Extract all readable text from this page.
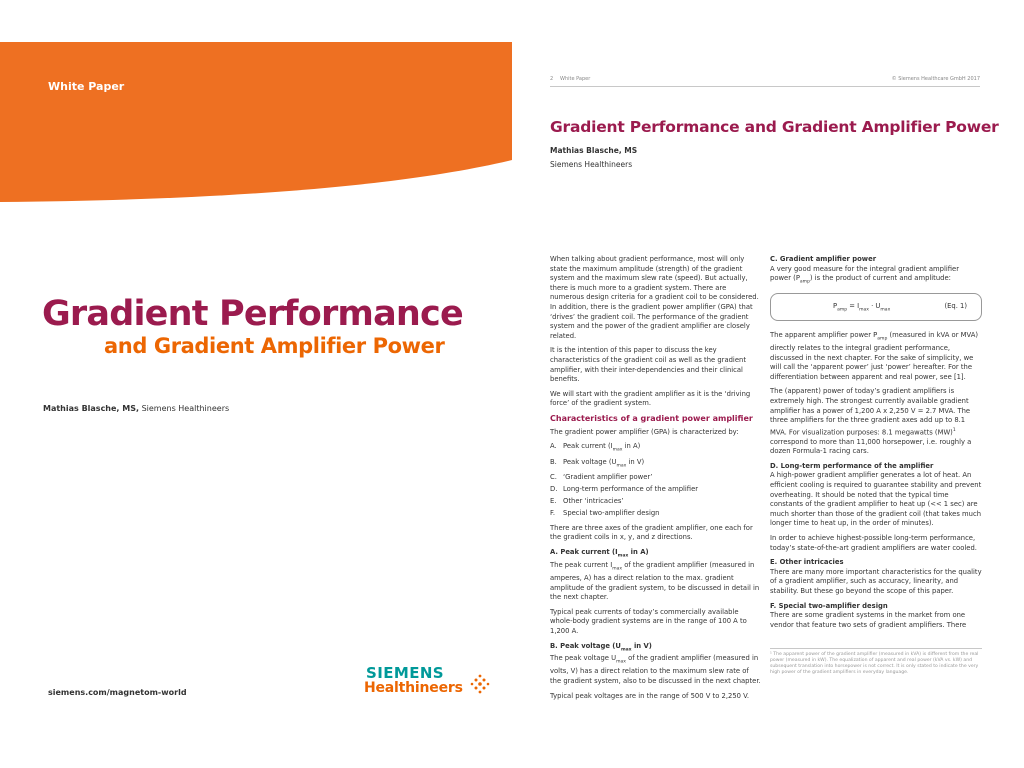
White Paper
Gradient Performance
and Gradient Amplifier Power
Mathias Blasche, MS, Siemens Healthineers
siemens.com/magnetom-world
SIEMENS
Healthineers
2 White Paper	© Siemens Healthcare GmbH 2017
Gradient Performance and Gradient Amplifier Power
Mathias Blasche, MS
Siemens Healthineers

When talking about gradient performance, most will only state the maximum amplitude (strength) of the gradient system and the maximum slew rate (speed). But actually, there is much more to a gradient system. There are numerous design criteria for a gradient coil to be considered. In addition, there is the gradient power amplifier (GPA) that ‘drives’ the gradient coil. The performance of the gradient system and the power of the gradient amplifier are closely related.

It is the intention of this paper to discuss the key characteristics of the gradient coil as well as the gradient amplifier, with their inter-dependencies and their clinical benefits.

We will start with the gradient amplifier as it is the ‘driving force’ of the gradient system.

Characteristics of a gradient power amplifier

The gradient power amplifier (GPA) is characterized by:

A. Peak current ($I_{max}$ in A)
B. Peak voltage ($U_{max}$ in V)
C. ‘Gradient amplifier power’
D. Long-term performance of the amplifier
E. Other ‘intricacies’
F. Special two-amplifier design

There are three axes of the gradient amplifier, one each for the gradient coils in x, y, and z directions.

A. Peak current ($I_{max}$ in A)

The peak current $I_{max}$ of the gradient amplifier (measured in amperes, A) has a direct relation to the max. gradient amplitude of the gradient system, to be discussed in detail in the next chapter.

Typical peak currents of today’s commercially available whole-body gradient systems are in the range of 100 A to 1,200 A.

B. Peak voltage ($U_{max}$ in V)

The peak voltage $U_{max}$ of the gradient amplifier (measured in volts, V) has a direct relation to the maximum slew rate of the gradient system, also to be discussed in the next chapter.

Typical peak voltages are in the range of 500 V to 2,250 V.

C. Gradient amplifier power

A very good measure for the integral gradient amplifier power $(P_{amp})$ is the product of current and amplitude:

$P_{amp} = I_{max} \cdot U_{max}$	(Eq. 1)

The apparent amplifier power $P_{amp}$ (measured in kVA or MVA) directly relates to the integral gradient performance, discussed in the next chapter. For the sake of simplicity, we will call the ‘apparent power’ just ‘power’ hereafter. For the differentiation between apparent and real power, see [1].

The (apparent) power of today’s gradient amplifiers is extremely high. The strongest currently available gradient amplifier has a power of 1,200 A x 2,250 V = 2.7 MVA. The three amplifiers for the three gradient axes add up to 8.1 MVA. For visualization purposes: 8.1 megawatts (MW)$^1$ correspond to more than 11,000 horsepower, i.e. roughly a dozen Formula-1 racing cars.

D. Long-term performance of the amplifier

A high-power gradient amplifier generates a lot of heat. An efficient cooling is required to guarantee stability and prevent overheating. It should be noted that the typical time constants of the gradient amplifier to heat up (<< 1 sec) are much shorter than those of the gradient coil (that takes much longer time to heat up, in the order of minutes).

In order to achieve highest-possible long-term performance, today’s state-of-the-art gradient amplifiers are water cooled.

E. Other intricacies

There are many more important characteristics for the quality of a gradient amplifier, such as accuracy, linearity, and stability. But these go beyond the scope of this paper.

F. Special two-amplifier design

There are some gradient systems in the market from one vendor that feature two sets of gradient amplifiers. There

¹ The apparent power of the gradient amplifier (measured in kVA) is different from the real power (measured in kW). The equalization of apparent and real power (kVA vs. kW) and subsequent translation into horsepower is not correct. It is only stated to indicate the very high power of the gradient amplifiers in everyday language.
